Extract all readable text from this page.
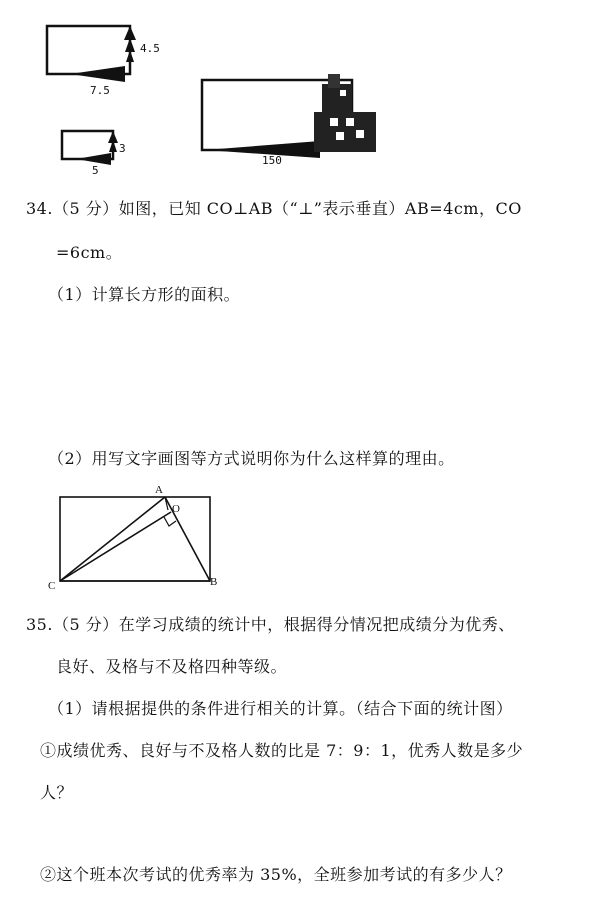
4.5
7.5
150
3
5
34.（5 分）如图，已知 CO⊥AB（“⊥”表示垂直）AB=4cm，CO
=6cm。
（1）计算长方形的面积。
（2）用写文字画图等方式说明你为什么这样算的理由。
A
O
C	B
35.（5 分）在学习成绩的统计中，根据得分情况把成绩分为优秀、
良好、及格与不及格四种等级。
（1）请根据提供的条件进行相关的计算。（结合下面的统计图）
①成绩优秀、良好与不及格人数的比是 7：9：1，优秀人数是多少
人？
②这个班本次考试的优秀率为 35%，全班参加考试的有多少人？
